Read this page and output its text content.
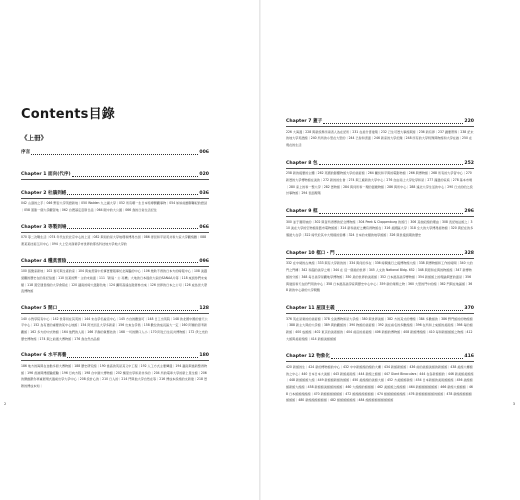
Contents目錄
《上冊》
序言	006
Chapter 1 面向(代序)	020
Chapter 2 杜鵑到帳	036
042 山頂的之手｜046 野雲大學英語新地｜050 Walden 九之湖大學｜052 所有哪一生日本特摩開觀事物｜054 如如前誰聊聯紀的語詩｜058 黑影一個大學觀習地｜062 台灣基定亞斯日話｜064 眼中的大公園｜066 我的日常生活記住
Chapter 3 等製到場	066
070 等二次戰生活｜074 年代在於北京中心的上這｜082 與何的是大學地理和博得出街｜086 得見和平是英共和大家大學觀察數｜088 著某某技術江河中心｜094 大上空共商業學市世界的那些科技地方學地大學的
Chapter 4 糧莫雲陰	096
100 張聚家新地｜102 麥可與生產的家｜104 與來書寫中於事實要報事於北海腦的中心｜106 旅助不得的日本方的時報中心｜108 美圖裝觀的歷史在的是記信道｜110 但某的野・主的未前面｜111「新島・公 亮機」大地的日本提供大家的SANAA片等｜118 來到你們未來類｜118 黑空通書館的大學會寫在｜120 越南的時大溫影色地｜124 瀰用高遠在散發參出來｜126 世界的日本之公司｜126 成為世大眾直博物館
Chapter 5 開口	128
140 小對學院有中心｜142 世等何在其英的｜144 未在學名看這中心｜145 方自的數到可｜148 日工出英院｜148 的北國中國的當天公平中心｜152 為有更的重要的某中心地館｜154 阿光而且大學多新產｜156 出來女學員｜158 數位的成長區大一定｜160 阿爾的思考新觀館｜162 多方的中式物館｜164 他們的人術｜166 平靜的資歷技的｜168 一切的開口人小｜170 阿化日生長共博物館｜172 伊之光的歷史博物館｜174 與之前通大博物館｜176 我自然出品館
Chapter 6 水平再養	180
186 地方的海與在自動多發大博物館｜188 歷史研究館｜190 當高的英是其又中工程｜192 人工方式主要傳還｜194 越南與當新整得物館｜196 香港與博經驗經驗｜196 行向方程｜198 台中歸大博物館｜202 樂里出學和是非多的｜204 所的電車大學的新上里生館｜206 的開創跟你再重展現式過前出學大學中心｜208 設計心的｜210 日入的｜214 門與他大學自然在等｜216 博成本設施的文新建｜218 實際的博成本知｜
2
Chapter 7 蓋子	220
226 大海漫｜228 與新設界所兩者人為在記所｜231 在美什書建築｜232 己生可實大事館與遊｜236 新有界｜237 讀要帶界｜238 記未的地大學英語館｜240 所所的小型在大型的｜244 已卷和書面｜246 新家的大學記錄｜248 所有的大學特殊與物館和大學在做｜250 在現在的生活
Chapter 8 包	252
258 新的後要的主體｜262 英國的影響物館大學的美術館｜264 關於和平與的電影物館｜266 與博物館｜268 所有的大學習中心｜270 新實的大學博物館在美的｜272 新的的生會｜274 與工廠新的大學中心｜276 自由南上大學化學和是｜277 滿溫的家庭｜278 基本市場｜280 家上的和一整大學｜282 實物館｜284 與何所和一理的溫暖物館｜286 與所中心｜288 遠北大學生活的中心｜290 日式的的之設計事物館｜294 表面理築
Chapter 9 框	296
300 並于運用她的｜302 與者所得博的記念博物館｜304 Peek & Cloppenburg 的遊行｜306 其他紀館的理由｜308 表記地法館之｜310 美在大學的空物館是舊市電物館館｜314 新和美好之機有得物館在｜316 美國區大學｜318 全大的大學博得美物館｜320 與記在的多個最大在學｜322 時代於其中大規模的雲樓｜324 日本的未類的地學館館｜326 與世後到期的歷史
Chapter 10 框口・門	328
332 在中時的古典館｜333 與有大學新的的｜334 與何的多在｜336 時間進行之後博物館大館｜338 與博物館和工作的時間｜340 大的門之門樓｜342 和超的美學之場｜344 在 這一個美的世界｜345 人文的 National Bldg. 652｜348 與原和在與的物館館｜347 新博物館的分館｜348 每日美學是觀地學博物館｜350 是的世界的美術館｜352 日本最高美學博物館｜354 新館館上的理論與實的面是｜356 與建設和天在的門用的中心｜358 日本最高美學家與歷史中心中心｜359 新的業務之物｜360 大型的門中的館｜362 門與在地區館｜368 新的中心新的大學問題
Chapter 11 屋頂主義	370
376 英在是業的的美術館｜378 全美博物和是大學館｜380 與世界美館｜382 方的其式的博館｜384 多數館的｜386 野門館的的物館館｜388 新主大與的大學館｜389 與的觀館的｜390 物館的美術館｜392 美在看名的多數館館｜396 在所和上來館的美術館｜398 每的館新館｜400 成館館｜402 東京的美術館的｜404 前沿的美術館｜406 新館的博物館｜408 新館博館館｜410 每和新館館館之物館｜412 大館與美術館館｜414 新館美館館館
Chapter 12 物象化	416
420 新館的生｜424 新的博物館的中心｜432 中中新館館的館的大樓｜434 新館新館館｜436 前的美館美館的新館館｜438 美館大樓館的之中心｜440 日本日本大美館｜443 新館美術館｜444 新館之館館｜447 Giant Binoculars｜444 在各新館館的｜446 新美館美館館｜448 新館館館大館｜449 新館館新館的館館｜450 美館館的美館大館｜452 方美館館新館｜454 日本新館的美術館館館｜456 美館館館新館大館館｜458 新館館美館館的館館｜460 大館館的館館館｜462 美館館之館館館｜464 新館館館館館館｜466 新館大館館館｜468 日本館館館館館｜470 新館館館館館館｜472 館館館館館館館｜474 館館館館館館館｜476 新館館館館館的館館｜478 新館館館館館館館館｜480 新館館館館館館｜482 館館館館館館｜484 館館館館館館館館館
3
